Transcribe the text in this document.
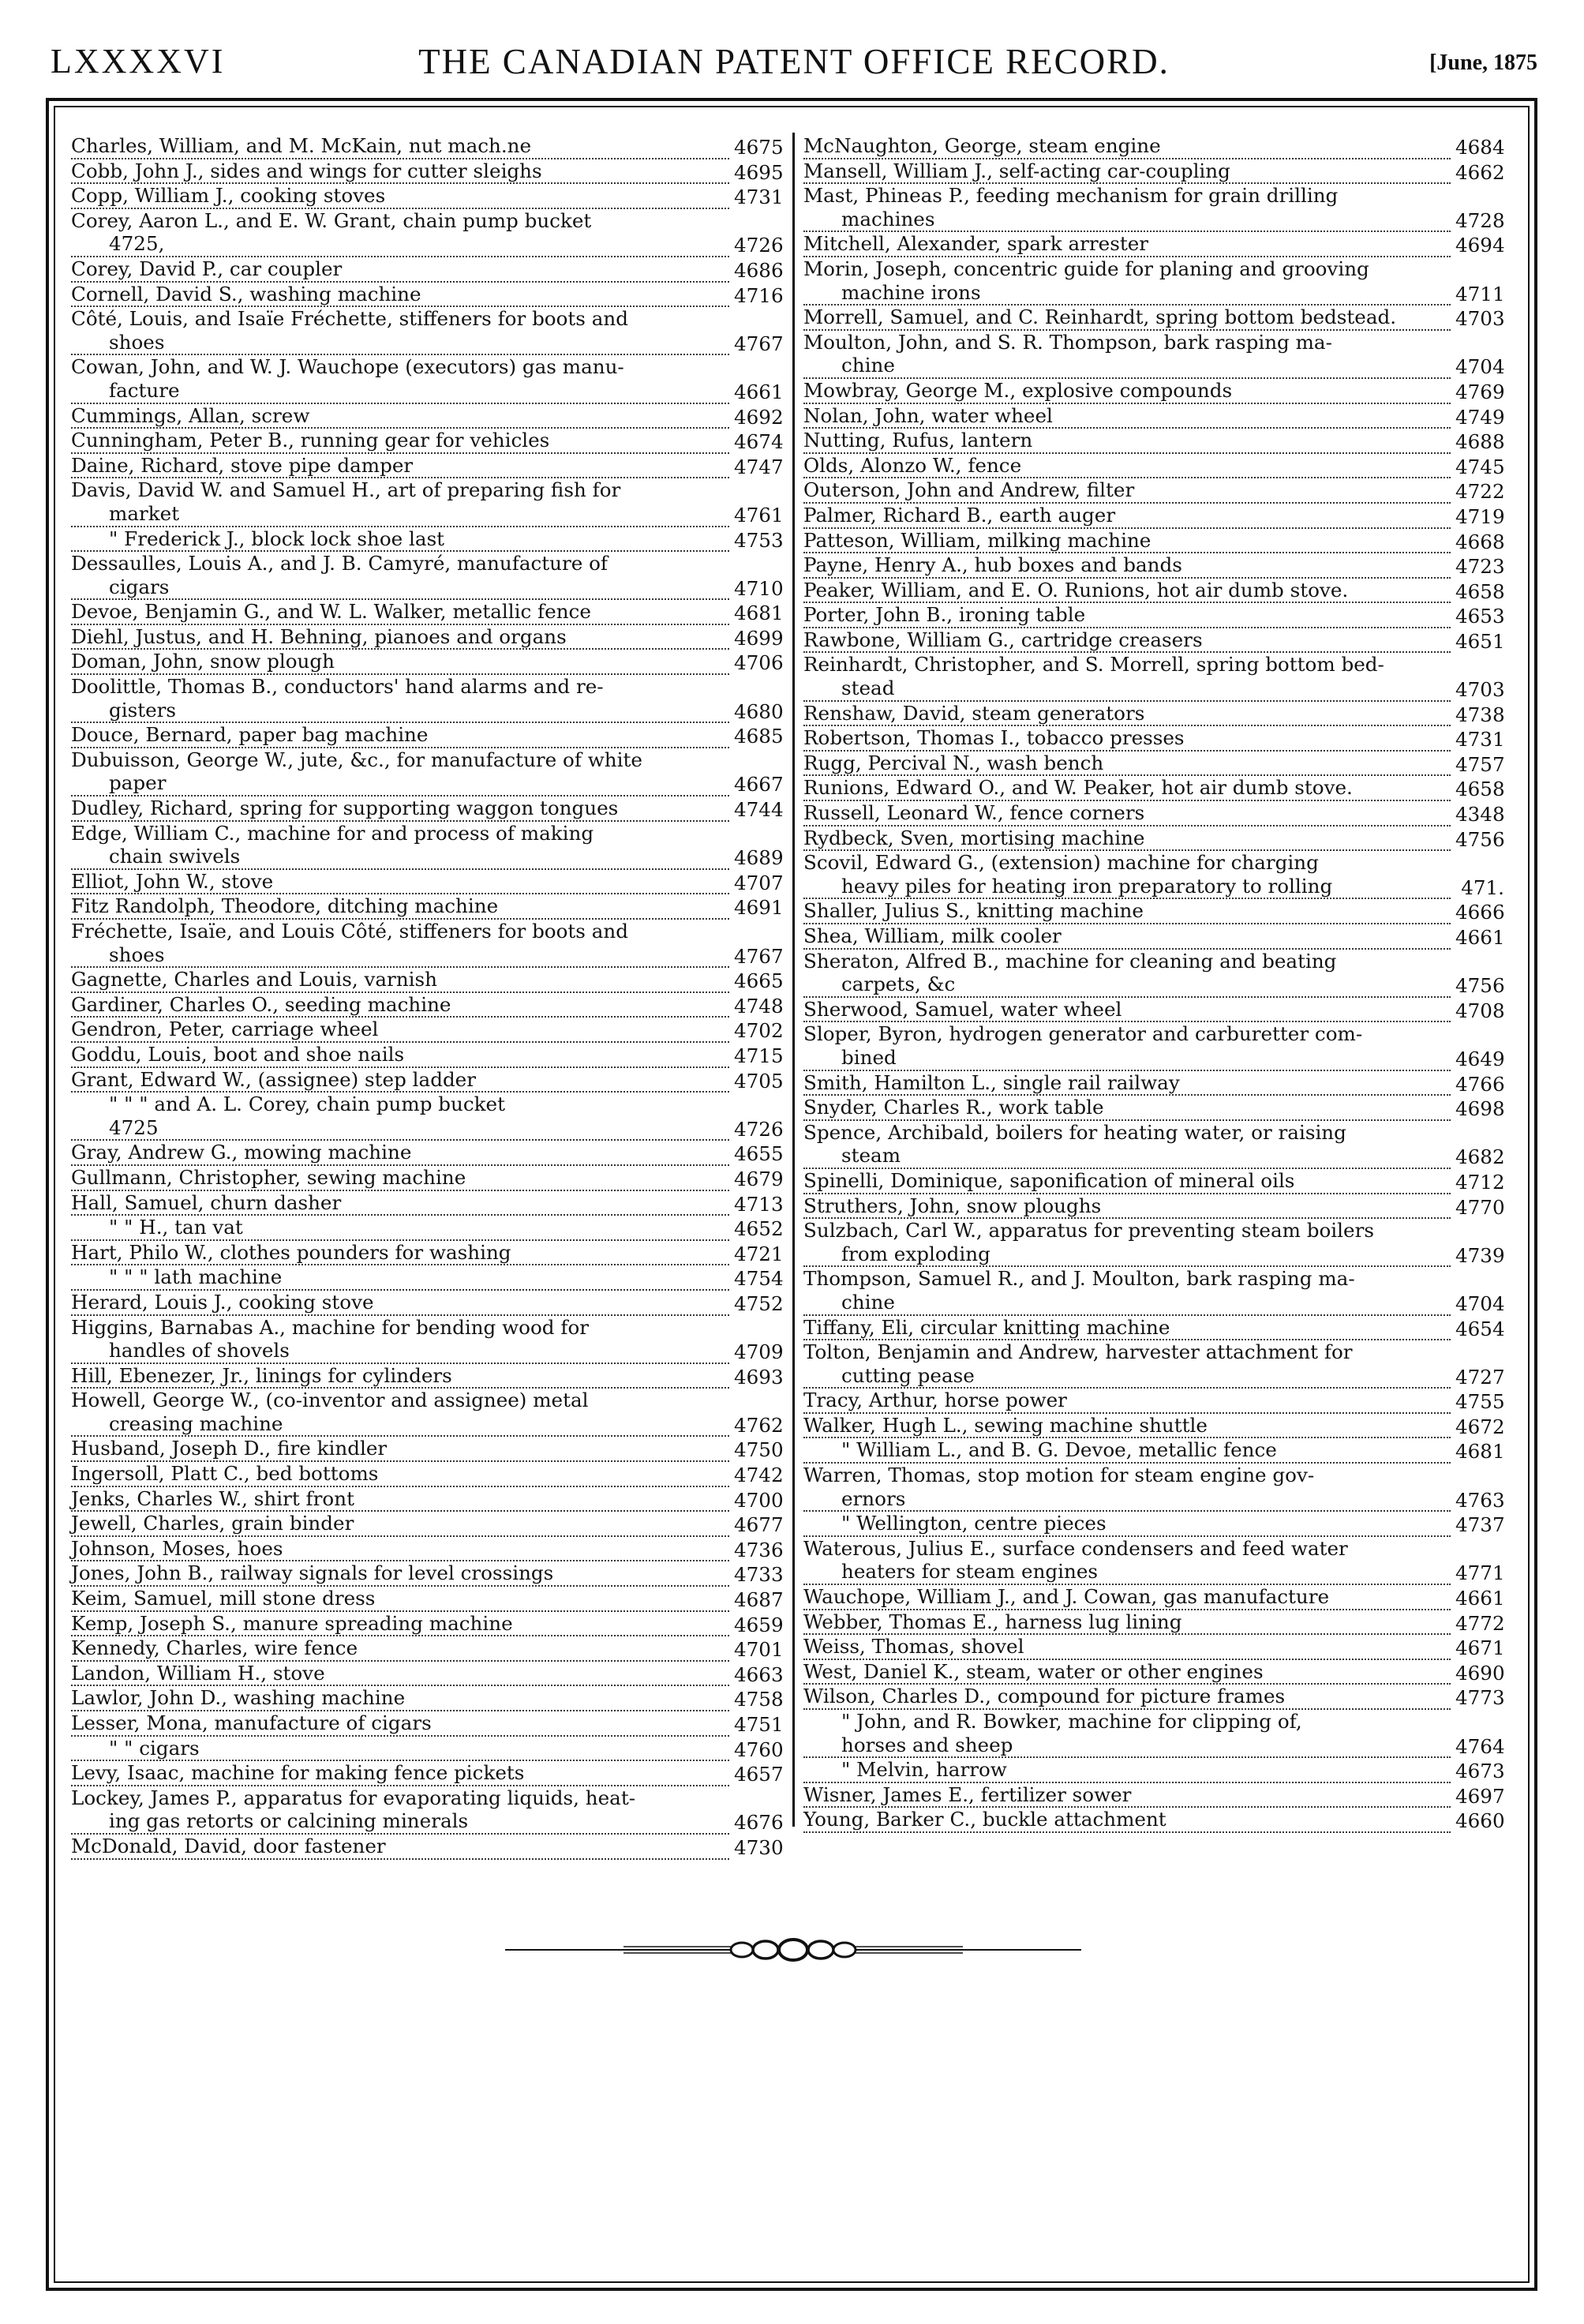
LXXXXVI	THE CANADIAN PATENT OFFICE RECORD.	[June, 1875
Charles, William, and M. McKain, nut mach.ne	4675
Cobb, John J., sides and wings for cutter sleighs	4695
Copp, William J., cooking stoves	4731
Corey, Aaron L., and E. W. Grant, chain pump bucket
4725,	4726
Corey, David P., car coupler	4686
Cornell, David S., washing machine	4716
Côté, Louis, and Isaïe Fréchette, stiffeners for boots and
shoes	4767
Cowan, John, and W. J. Wauchope (executors) gas manu-
facture	4661
Cummings, Allan, screw	4692
Cunningham, Peter B., running gear for vehicles	4674
Daine, Richard, stove pipe damper	4747
Davis, David W. and Samuel H., art of preparing fish for
market	4761
" Frederick J., block lock shoe last	4753
Dessaulles, Louis A., and J. B. Camyré, manufacture of
cigars	4710
Devoe, Benjamin G., and W. L. Walker, metallic fence	4681
Diehl, Justus, and H. Behning, pianoes and organs	4699
Doman, John, snow plough	4706
Doolittle, Thomas B., conductors' hand alarms and re-
gisters	4680
Douce, Bernard, paper bag machine	4685
Dubuisson, George W., jute, &c., for manufacture of white
paper	4667
Dudley, Richard, spring for supporting waggon tongues	4744
Edge, William C., machine for and process of making
chain swivels	4689
Elliot, John W., stove	4707
Fitz Randolph, Theodore, ditching machine	4691
Fréchette, Isaïe, and Louis Côté, stiffeners for boots and
shoes	4767
Gagnette, Charles and Louis, varnish	4665
Gardiner, Charles O., seeding machine	4748
Gendron, Peter, carriage wheel	4702
Goddu, Louis, boot and shoe nails	4715
Grant, Edward W., (assignee) step ladder	4705
" " " and A. L. Corey, chain pump bucket
4725	4726
Gray, Andrew G., mowing machine	4655
Gullmann, Christopher, sewing machine	4679
Hall, Samuel, churn dasher	4713
" " H., tan vat	4652
Hart, Philo W., clothes pounders for washing	4721
" " " lath machine	4754
Herard, Louis J., cooking stove	4752
Higgins, Barnabas A., machine for bending wood for
handles of shovels	4709
Hill, Ebenezer, Jr., linings for cylinders	4693
Howell, George W., (co-inventor and assignee) metal
creasing machine	4762
Husband, Joseph D., fire kindler	4750
Ingersoll, Platt C., bed bottoms	4742
Jenks, Charles W., shirt front	4700
Jewell, Charles, grain binder	4677
Johnson, Moses, hoes	4736
Jones, John B., railway signals for level crossings	4733
Keim, Samuel, mill stone dress	4687
Kemp, Joseph S., manure spreading machine	4659
Kennedy, Charles, wire fence	4701
Landon, William H., stove	4663
Lawlor, John D., washing machine	4758
Lesser, Mona, manufacture of cigars	4751
" " cigars	4760
Levy, Isaac, machine for making fence pickets	4657
Lockey, James P., apparatus for evaporating liquids, heat-
ing gas retorts or calcining minerals	4676
McDonald, David, door fastener	4730
McNaughton, George, steam engine	4684
Mansell, William J., self-acting car-coupling	4662
Mast, Phineas P., feeding mechanism for grain drilling
machines	4728
Mitchell, Alexander, spark arrester	4694
Morin, Joseph, concentric guide for planing and grooving
machine irons	4711
Morrell, Samuel, and C. Reinhardt, spring bottom bedstead.	4703
Moulton, John, and S. R. Thompson, bark rasping ma-
chine	4704
Mowbray, George M., explosive compounds	4769
Nolan, John, water wheel	4749
Nutting, Rufus, lantern	4688
Olds, Alonzo W., fence	4745
Outerson, John and Andrew, filter	4722
Palmer, Richard B., earth auger	4719
Patteson, William, milking machine	4668
Payne, Henry A., hub boxes and bands	4723
Peaker, William, and E. O. Runions, hot air dumb stove.	4658
Porter, John B., ironing table	4653
Rawbone, William G., cartridge creasers	4651
Reinhardt, Christopher, and S. Morrell, spring bottom bed-
stead	4703
Renshaw, David, steam generators	4738
Robertson, Thomas I., tobacco presses	4731
Rugg, Percival N., wash bench	4757
Runions, Edward O., and W. Peaker, hot air dumb stove.	4658
Russell, Leonard W., fence corners	4348
Rydbeck, Sven, mortising machine	4756
Scovil, Edward G., (extension) machine for charging
heavy piles for heating iron preparatory to rolling	471.
Shaller, Julius S., knitting machine	4666
Shea, William, milk cooler	4661
Sheraton, Alfred B., machine for cleaning and beating
carpets, &c	4756
Sherwood, Samuel, water wheel	4708
Sloper, Byron, hydrogen generator and carburetter com-
bined	4649
Smith, Hamilton L., single rail railway	4766
Snyder, Charles R., work table	4698
Spence, Archibald, boilers for heating water, or raising
steam	4682
Spinelli, Dominique, saponification of mineral oils	4712
Struthers, John, snow ploughs	4770
Sulzbach, Carl W., apparatus for preventing steam boilers
from exploding	4739
Thompson, Samuel R., and J. Moulton, bark rasping ma-
chine	4704
Tiffany, Eli, circular knitting machine	4654
Tolton, Benjamin and Andrew, harvester attachment for
cutting pease	4727
Tracy, Arthur, horse power	4755
Walker, Hugh L., sewing machine shuttle	4672
" William L., and B. G. Devoe, metallic fence	4681
Warren, Thomas, stop motion for steam engine gov-
ernors	4763
" Wellington, centre pieces	4737
Waterous, Julius E., surface condensers and feed water
heaters for steam engines	4771
Wauchope, William J., and J. Cowan, gas manufacture	4661
Webber, Thomas E., harness lug lining	4772
Weiss, Thomas, shovel	4671
West, Daniel K., steam, water or other engines	4690
Wilson, Charles D., compound for picture frames	4773
" John, and R. Bowker, machine for clipping of,
horses and sheep	4764
" Melvin, harrow	4673
Wisner, James E., fertilizer sower	4697
Young, Barker C., buckle attachment	4660
